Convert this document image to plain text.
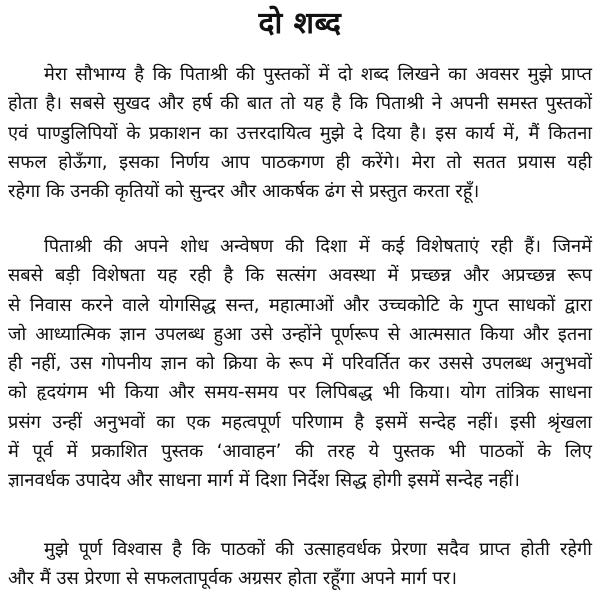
दो शब्द
मेरा सौभाग्य है कि पिताश्री की पुस्तकों में दो शब्द लिखने का अवसर मुझे प्राप्त
होता है। सबसे सुखद और हर्ष की बात तो यह है कि पिताश्री ने अपनी समस्त पुस्तकों
एवं पाण्डुलिपियों के प्रकाशन का उत्तरदायित्व मुझे दे दिया है। इस कार्य में, मैं कितना
सफल होऊँगा, इसका निर्णय आप पाठकगण ही करेंगे। मेरा तो सतत प्रयास यही
रहेगा कि उनकी कृतियों को सुन्दर और आकर्षक ढंग से प्रस्तुत करता रहूँ।
पिताश्री की अपने शोध अन्वेषण की दिशा में कई विशेषताएं रही हैं। जिनमें
सबसे बड़ी विशेषता यह रही है कि सत्संग अवस्था में प्रच्छन्न और अप्रच्छन्न रूप
से निवास करने वाले योगसिद्ध सन्त, महात्माओं और उच्चकोटि के गुप्त साधकों द्वारा
जो आध्यात्मिक ज्ञान उपलब्ध हुआ उसे उन्होंने पूर्णरूप से आत्मसात किया और इतना
ही नहीं, उस गोपनीय ज्ञान को क्रिया के रूप में परिवर्तित कर उससे उपलब्ध अनुभवों
को हृदयंगम भी किया और समय-समय पर लिपिबद्ध भी किया। योग तांत्रिक साधना
प्रसंग उन्हीं अनुभवों का एक महत्वपूर्ण परिणाम है इसमें सन्देह नहीं। इसी श्रृंखला
में पूर्व में प्रकाशित पुस्तक ‘आवाहन’ की तरह ये पुस्तक भी पाठकों के लिए
ज्ञानवर्धक उपादेय और साधना मार्ग में दिशा निर्देश सिद्ध होगी इसमें सन्देह नहीं।
मुझे पूर्ण विश्वास है कि पाठकों की उत्साहवर्धक प्रेरणा सदैव प्राप्त होती रहेगी
और मैं उस प्रेरणा से सफलतापूर्वक अग्रसर होता रहूँगा अपने मार्ग पर।
